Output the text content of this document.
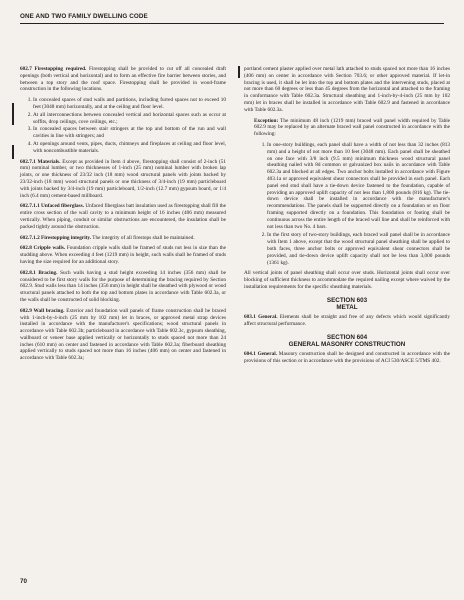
ONE AND TWO FAMILY DWELLING CODE

602.7 Firestopping required. Firestopping shall be provided to cut off all concealed draft openings (both vertical and horizontal) and to form an effective fire barrier between stories, and between a top story and the roof space. Firestopping shall be provided in wood-frame construction in the following locations.

1. In concealed spaces of stud walls and partitions, including furred spaces not to exceed 10 feet (3048 mm) horizontally, and at the ceiling and floor level.
2. At all interconnections between concealed vertical and horizontal spaces such as occur at soffits, drop ceilings, cove ceilings, etc.;
3. In concealed spaces between stair stringers at the top and bottom of the run and wall cavities in line with stringers; and
4. At openings around vents, pipes, ducts, chimneys and fireplaces at ceiling and floor level, with noncombustible materials.

602.7.1 Materials. Except as provided in Item 4 above, firestopping shall consist of 2-inch (51 mm) nominal lumber, or two thicknesses of 1-inch (25 mm) nominal lumber with broken lap joints, or one thickness of 23/32 inch (18 mm) wood structural panels with joints backed by 23/32-inch (18 mm) wood structural panels or one thickness of 3/4-inch (19 mm) particleboard with joints backed by 3/4-inch (19 mm) particleboard, 1/2-inch (12.7 mm) gypsum board, or 1/4 inch (6.4 mm) cement-based millboard.

602.7.1.1 Unfaced fiberglass. Unfaced fiberglass batt insulation used as firestopping shall fill the entire cross section of the wall cavity to a minimum height of 16 inches (406 mm) measured vertically. When piping, conduit or similar obstructions are encountered, the insulation shall be packed tightly around the obstruction.

602.7.1.2 Firestopping integrity. The integrity of all firestops shall be maintained.

602.8 Cripple walls. Foundation cripple walls shall be framed of studs not less in size than the studding above. When exceeding 4 feet (1219 mm) in height, such walls shall be framed of studs having the size required for an additional story.

602.8.1 Bracing. Such walls having a stud height exceeding 14 inches (356 mm) shall be considered to be first story walls for the purpose of determining the bracing required by Section 602.9. Stud walls less than 14 inches (356 mm) in height shall be sheathed with plywood or wood structural panels attached to both the top and bottom plates in accordance with Table 602.3a, or the walls shall be constructed of solid blocking.

602.9 Wall bracing. Exterior and foundation wall panels of frame construction shall be braced with 1-inch-by-4-inch (25 mm by 102 mm) let in braces, or approved metal strap devices installed in accordance with the manufacturer's specifications; wood structural panels in accordance with Table 602.3b; particleboard in accordance with Table 602.3c, gypsum sheathing, wallboard or veneer base applied vertically or horizontally to studs spaced not more than 24 inches (610 mm) on center and fastened in accordance with Table 602.3a; fiberboard sheathing applied vertically to studs spaced not more than 16 inches (406 mm) on center and fastened in accordance with Table 602.3a;

portland cement plaster applied over metal lath attached to studs spaced not more than 16 inches (406 mm) on center in accordance with Section 703.6; or other approved material. If let-in bracing is used, it shall be let into the top and bottom plates and the intervening studs, placed at not more than 60 degrees or less than 45 degrees from the horizontal and attached to the framing in conformance with Table 602.3a. Structural sheathing and 1-inch-by-4-inch (25 mm by 102 mm) let in braces shall be installed in accordance with Table 602.9 and fastened in accordance with Table 602.3a.

Exception: The minimum 48 inch (1219 mm) braced wall panel width required by Table 602.9 may be replaced by an alternate braced wall panel constructed in accordance with the following:

1. In one-story buildings, each panel shall have a width of not less than 32 inches (813 mm) and a height of not more than 10 feet (3048 mm). Each panel shall be sheathed on one face with 3/8 inch (9.5 mm) minimum thickness wood structural panel sheathing nailed with 8d common or galvanized box nails in accordance with Table 602.3a and blocked at all edges. Two anchor bolts installed in accordance with Figure 403.1a or approved equivalent shear connectors shall be provided in each panel. Each panel end stud shall have a tie-down device fastened to the foundation, capable of providing an approved uplift capacity of not less than 1,800 pounds (816 kg). The tie-down device shall be installed in accordance with the manufacturer's recommendations. The panels shall be supported directly on a foundation or on floor framing supported directly on a foundation. This foundation or footing shall be continuous across the entire length of the braced wall line and shall be reinforced with not less than two No. 4 bars.
2. In the first story of two-story buildings, each braced wall panel shall be in accordance with Item 1 above, except that the wood structural panel sheathing shall be applied to both faces, three anchor bolts or approved equivalent shear connectors shall be provided, and tie-down device uplift capacity shall not be less than 3,000 pounds (1361 kg).

All vertical joints of panel sheathing shall occur over studs. Horizontal joints shall occur over blocking of sufficient thickness to accommodate the required nailing except where waived by the installation requirements for the specific sheathing materials.

SECTION 603
METAL

603.1 General. Elements shall be straight and free of any defects which would significantly affect structural performance.

SECTION 604
GENERAL MASONRY CONSTRUCTION

604.1 General. Masonry construction shall be designed and constructed in accordance with the provisions of this section or in accordance with the provisions of ACI 530/ASCE 5/TMS 402.

70
